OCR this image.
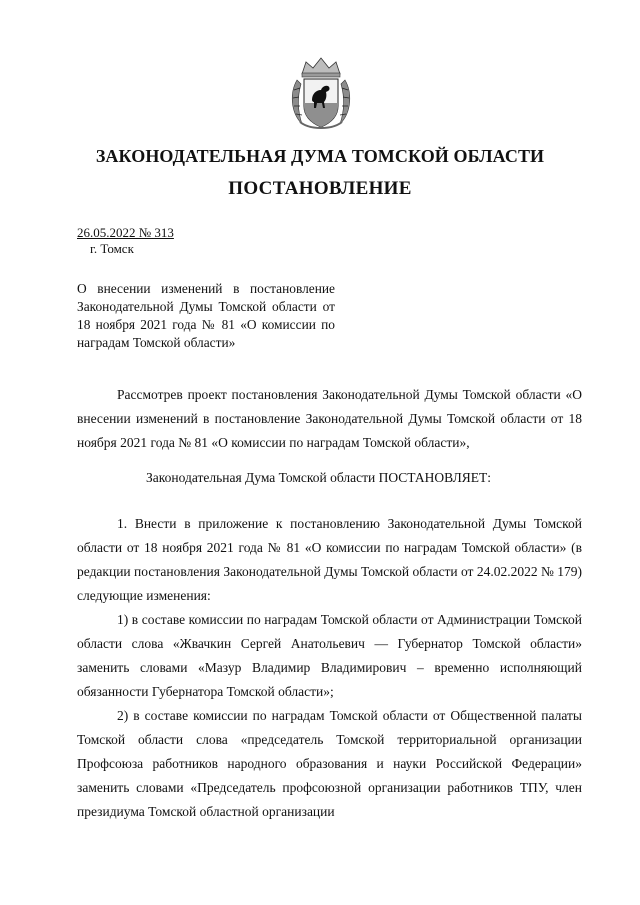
ЗАКОНОДАТЕЛЬНАЯ ДУМА ТОМСКОЙ ОБЛАСТИ
ПОСТАНОВЛЕНИЕ
26.05.2022 № 313
г. Томск
О внесении изменений в постановление Законодательной Думы Томской области от 18 ноября 2021 года № 81 «О комиссии по наградам Томской области»

Рассмотрев проект постановления Законодательной Думы Томской области «О внесении изменений в постановление Законодательной Думы Томской области от 18 ноября 2021 года № 81 «О комиссии по наградам Томской области»,

Законодательная Дума Томской области ПОСТАНОВЛЯЕТ:

1. Внести в приложение к постановлению Законодательной Думы Томской области от 18 ноября 2021 года № 81 «О комиссии по наградам Томской области» (в редакции постановления Законодательной Думы Томской области от 24.02.2022 № 179) следующие изменения:

1) в составе комиссии по наградам Томской области от Администрации Томской области слова «Жвачкин Сергей Анатольевич — Губернатор Томской области» заменить словами «Мазур Владимир Владимирович – временно исполняющий обязанности Губернатора Томской области»;

2) в составе комиссии по наградам Томской области от Общественной палаты Томской области слова «председатель Томской территориальной организации Профсоюза работников народного образования и науки Российской Федерации» заменить словами «Председатель профсоюзной организации работников ТПУ, член президиума Томской областной организации
